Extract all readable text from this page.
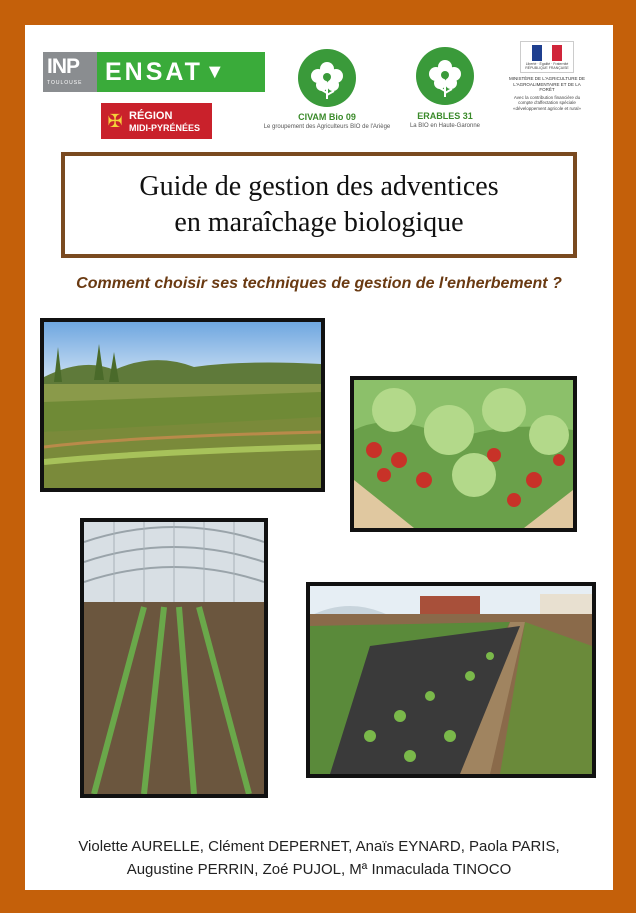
INP
TOULOUSE ENSAT ▼
✠ RÉGION
MIDI-PYRÉNÉES
CIVAM Bio 09
Le groupement des Agriculteurs BIO de l'Ariège
ERABLES 31
La BIO en Haute-Garonne
Liberté · Égalité · Fraternité RÉPUBLIQUE FRANÇAISE
MINISTÈRE DE L'AGRICULTURE DE L'AGROALIMENTAIRE ET DE LA FORÊT
Avec la contribution financière du compte d'affectation spéciale «développement agricole et rural»
Guide de gestion des adventices
en maraîchage biologique
Comment choisir ses techniques de gestion de l'enherbement ?
Violette AURELLE, Clément DEPERNET, Anaïs EYNARD, Paola PARIS,
Augustine PERRIN, Zoé PUJOL, Mª Inmaculada TINOCO
